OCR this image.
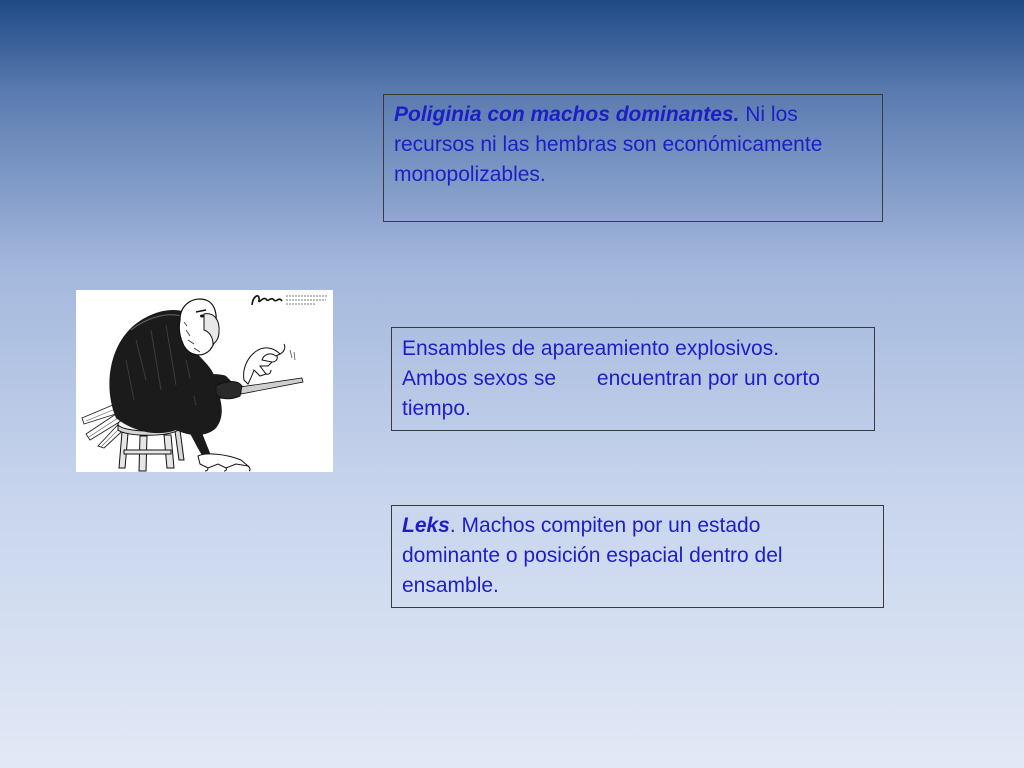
Poliginia con machos dominantes. Ni los recursos ni las hembras son económicamente monopolizables.
Ensambles de apareamiento explosivos. Ambos sexos se       encuentran por un corto tiempo.
Leks. Machos compiten por un estado dominante o posición espacial dentro del ensamble.
